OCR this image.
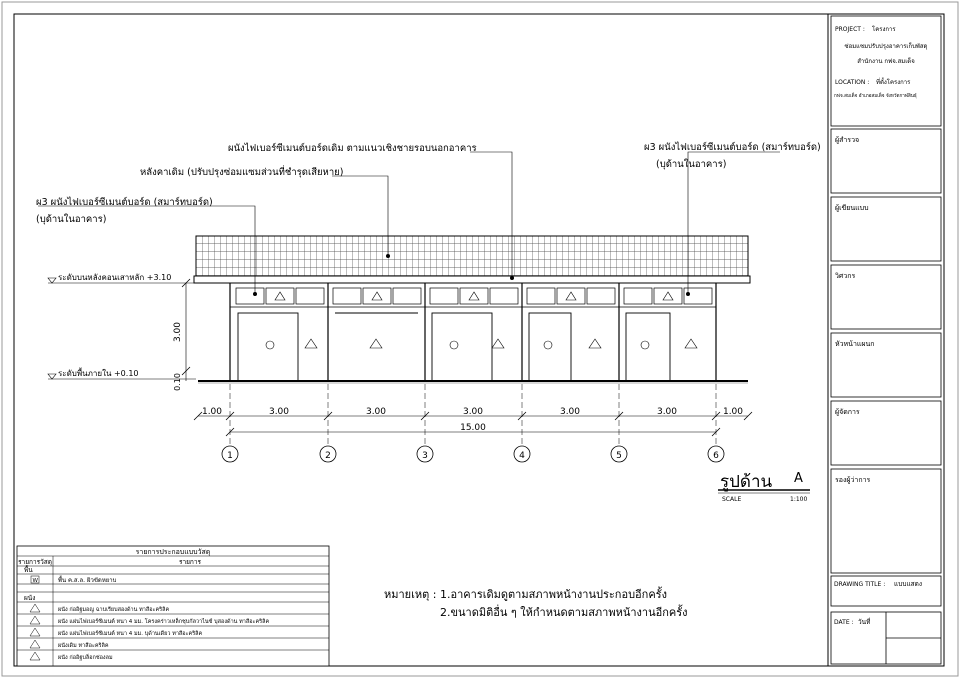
ระดับบนหลังคอนเสาหลัก +3.10
ระดับพื้นภายใน +0.10
3.00
0.10
1.00	3.00	3.00	3.00	3.00	3.00	1.00
15.00
1	2	3	4	5	6
ผนังไฟเบอร์ซีเมนต์บอร์ดเดิม ตามแนวเชิงชายรอบนอกอาคาร
หลังคาเดิม (ปรับปรุงซ่อมแซมส่วนที่ชำรุดเสียหาย)
ผ3 ผนังไฟเบอร์ซีเมนต์บอร์ด (สมาร์ทบอร์ด)
(บุด้านในอาคาร)
ผ3 ผนังไฟเบอร์ซีเมนต์บอร์ด (สมาร์ทบอร์ด)
(บุด้านในอาคาร)
รูปด้าน A
SCALE	1:100
หมายเหตุ : 1.อาคารเดิมดูตามสภาพหน้างานประกอบอีกครั้ง
2.ขนาดมิติอื่น ๆ ให้กำหนดตามสภาพหน้างานอีกครั้ง
รายการประกอบแบบวัสดุ
รายการวัสดุ	รายการ
พื้น
W	พื้น ค.ส.ล. ผิวขัดหยาบ
ผนัง
ผนัง ก่ออิฐมอญ ฉาบเรียบสองด้าน ทาสีอะคริลิค
ผนัง แผ่นไฟเบอร์ซีเมนต์ หนา 4 มม. โครงคร่าวเหล็กชุบกัลวาไนซ์ บุสองด้าน ทาสีอะคริลิค
ผนัง แผ่นไฟเบอร์ซีเมนต์ หนา 4 มม. บุด้านเดียว ทาสีอะคริลิค
ผนังเดิม ทาสีอะคริลิค
ผนัง ก่ออิฐบล็อกช่องลม
PROJECT : โครงการ
ซ่อมแซมปรับปรุงอาคารเก็บพัสดุ
สำนักงาน กฟจ.สมเด็จ
LOCATION : ที่ตั้งโครงการ
กฟจ.สมเด็จ อำเภอสมเด็จ จังหวัดกาฬสินธุ์
ผู้สำรวจ
ผู้เขียนแบบ
วิศวกร
หัวหน้าแผนก
ผู้จัดการ
รองผู้ว่าการ
DRAWING TITLE : แบบแสดง
DATE : วันที่
